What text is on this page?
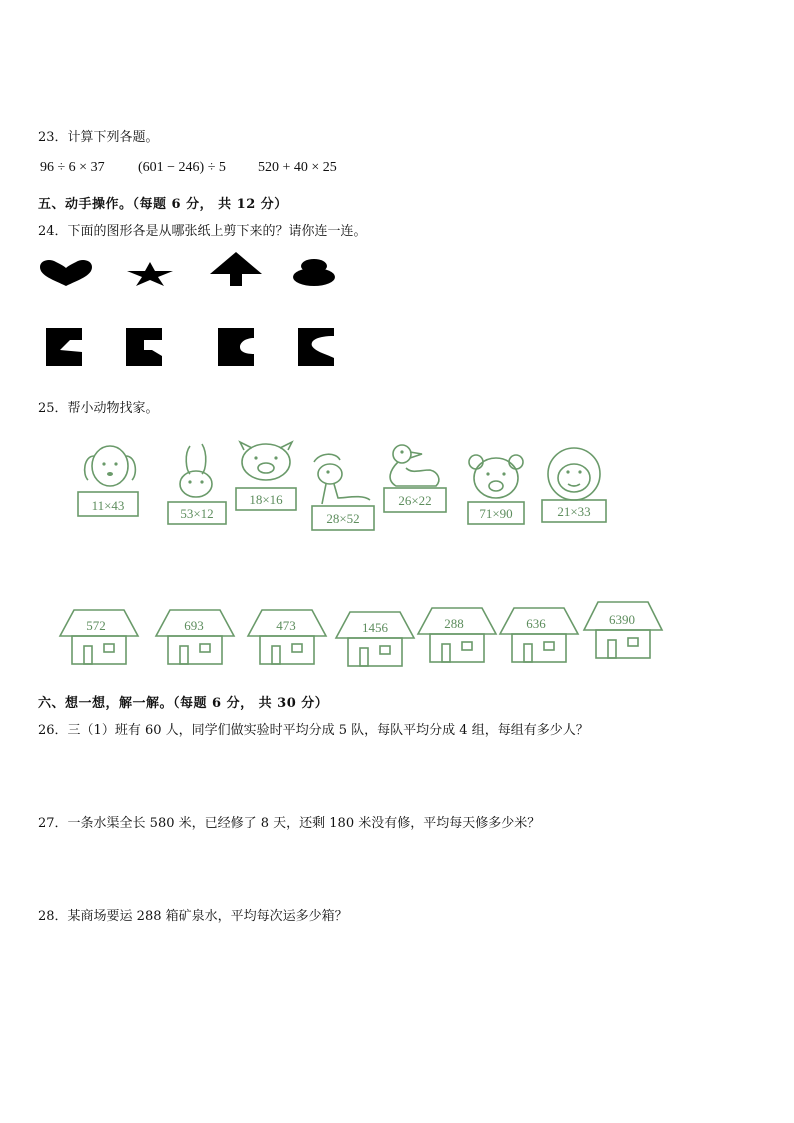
23．计算下列各题。
96 ÷ 6 × 37 (601 − 246) ÷ 5 520 + 40 × 25
五、动手操作。（每题 6 分， 共 12 分）
24．下面的图形各是从哪张纸上剪下来的？请你连一连。
25．帮小动物找家。
11×43
53×12
18×16
28×52
26×22
71×90	21×33
572	693	473	1456	288	636	6390
六、想一想，解一解。（每题 6 分， 共 30 分）
26．三（1）班有 60 人，同学们做实验时平均分成 5 队，每队平均分成 4 组，每组有多少人？
27．一条水渠全长 580 米，已经修了 8 天，还剩 180 米没有修，平均每天修多少米？
28．某商场要运 288 箱矿泉水，平均每次运多少箱？
